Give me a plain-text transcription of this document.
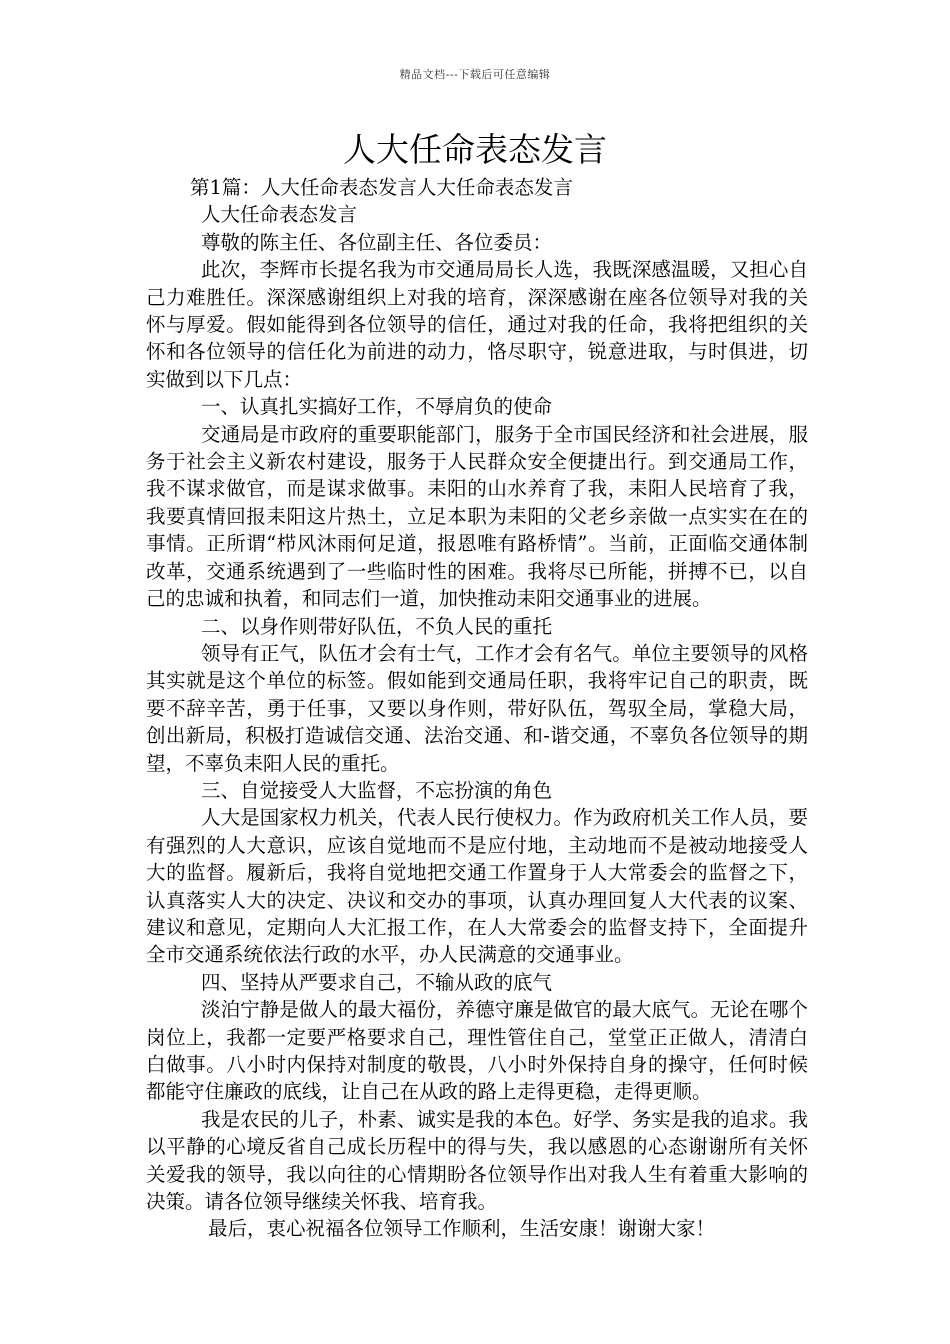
精品文档---下载后可任意编辑
人大任命表态发言

第1篇：人大任命表态发言人大任命表态发言

人大任命表态发言

尊敬的陈主任、各位副主任、各位委员：

此次，李辉市长提名我为市交通局局长人选，我既深感温暖，又担心自己力难胜任。深深感谢组织上对我的培育，深深感谢在座各位领导对我的关怀与厚爱。假如能得到各位领导的信任，通过对我的任命，我将把组织的关怀和各位领导的信任化为前进的动力，恪尽职守，锐意进取，与时俱进，切实做到以下几点：

一、认真扎实搞好工作，不辱肩负的使命

交通局是市政府的重要职能部门，服务于全市国民经济和社会进展，服务于社会主义新农村建设，服务于人民群众安全便捷出行。到交通局工作，我不谋求做官，而是谋求做事。耒阳的山水养育了我，耒阳人民培育了我，我要真情回报耒阳这片热土，立足本职为耒阳的父老乡亲做一点实实在在的事情。正所谓“栉风沐雨何足道，报恩唯有路桥情”。当前，正面临交通体制改革，交通系统遇到了一些临时性的困难。我将尽已所能，拼搏不已，以自己的忠诚和执着，和同志们一道，加快推动耒阳交通事业的进展。

二、以身作则带好队伍，不负人民的重托

领导有正气，队伍才会有士气，工作才会有名气。单位主要领导的风格其实就是这个单位的标签。假如能到交通局任职，我将牢记自己的职责，既要不辞辛苦，勇于任事，又要以身作则，带好队伍，驾驭全局，掌稳大局，创出新局，积极打造诚信交通、法治交通、和-谐交通，不辜负各位领导的期望，不辜负耒阳人民的重托。

三、自觉接受人大监督，不忘扮演的角色

人大是国家权力机关，代表人民行使权力。作为政府机关工作人员，要有强烈的人大意识，应该自觉地而不是应付地，主动地而不是被动地接受人大的监督。履新后，我将自觉地把交通工作置身于人大常委会的监督之下，认真落实人大的决定、决议和交办的事项，认真办理回复人大代表的议案、建议和意见，定期向人大汇报工作，在人大常委会的监督支持下，全面提升全市交通系统依法行政的水平，办人民满意的交通事业。

四、坚持从严要求自己，不输从政的底气

淡泊宁静是做人的最大福份，养德守廉是做官的最大底气。无论在哪个岗位上，我都一定要严格要求自己，理性管住自己，堂堂正正做人，清清白白做事。八小时内保持对制度的敬畏，八小时外保持自身的操守，任何时候都能守住廉政的底线，让自己在从政的路上走得更稳，走得更顺。

我是农民的儿子，朴素、诚实是我的本色。好学、务实是我的追求。我以平静的心境反省自己成长历程中的得与失，我以感恩的心态谢谢所有关怀关爱我的领导，我以向往的心情期盼各位领导作出对我人生有着重大影响的决策。请各位领导继续关怀我、培育我。

最后，衷心祝福各位领导工作顺利，生活安康！谢谢大家！
